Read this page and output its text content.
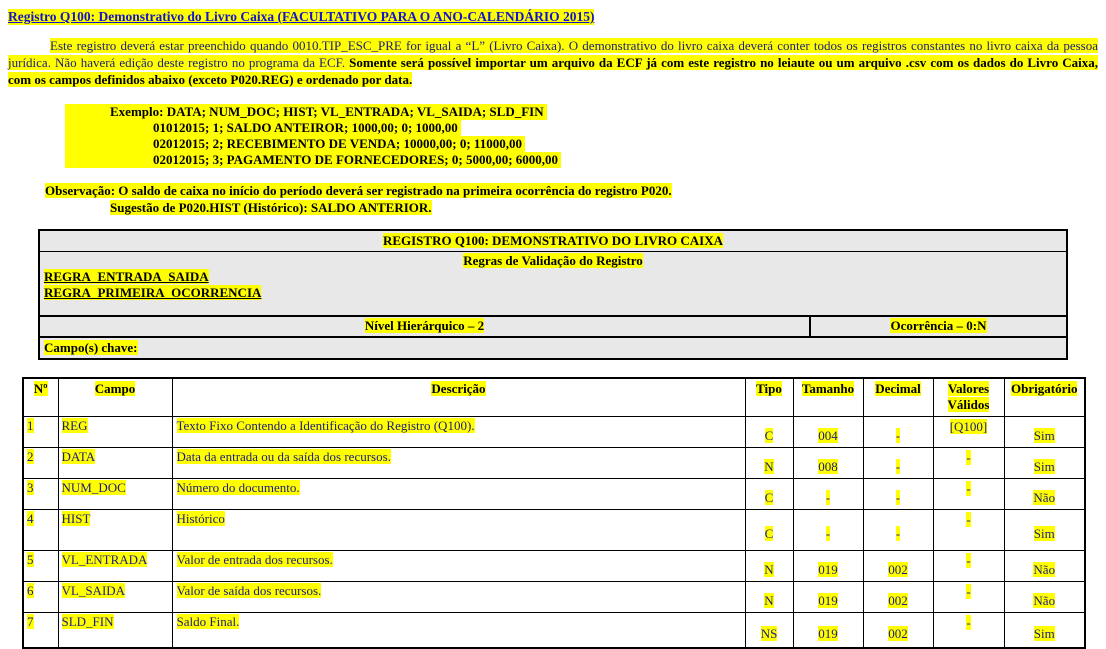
Registro Q100: Demonstrativo do Livro Caixa (FACULTATIVO PARA O ANO-CALENDÁRIO 2015)

Este registro deverá estar preenchido quando 0010.TIP_ESC_PRE for igual a “L” (Livro Caixa). O demonstrativo do livro caixa deverá conter todos os registros constantes no livro caixa da pessoa jurídica. Não haverá edição deste registro no programa da ECF. Somente será possível importar um arquivo da ECF já com este registro no leiaute ou um arquivo .csv com os dados do Livro Caixa, com os campos definidos abaixo (exceto P020.REG) e ordenado por data.

Exemplo: DATA; NUM_DOC; HIST; VL_ENTRADA; VL_SAIDA; SLD_FIN
01012015; 1; SALDO ANTEIROR; 1000,00; 0; 1000,00
02012015; 2; RECEBIMENTO DE VENDA; 10000,00; 0; 11000,00
02012015; 3; PAGAMENTO DE FORNECEDORES; 0; 5000,00; 6000,00
Observação: O saldo de caixa no início do período deverá ser registrado na primeira ocorrência do registro P020.
Sugestão de P020.HIST (Histórico): SALDO ANTERIOR.
REGISTRO Q100: DEMONSTRATIVO DO LIVRO CAIXA

Regras de Validação do Registro
REGRA_ENTRADA_SAIDA
REGRA_PRIMEIRA_OCORRENCIA

Nível Hierárquico – 2	Ocorrência – 0:N
Campo(s) chave:
Nº	Campo	Descrição	Tipo	Tamanho	Decimal	Valores Válidos	Obrigatório
1	REG	Texto Fixo Contendo a Identificação do Registro (Q100).	C	004	-	[Q100]	Sim
2	DATA	Data da entrada ou da saída dos recursos.	N	008	-	-	Sim
3	NUM_DOC	Número do documento.	C	-	-	-	Não
4	HIST	Histórico	C	-	-	-	Sim
5	VL_ENTRADA	Valor de entrada dos recursos.	N	019	002	-	Não
6	VL_SAIDA	Valor de saída dos recursos.	N	019	002	-	Não
7	SLD_FIN	Saldo Final.	NS	019	002	-	Sim
